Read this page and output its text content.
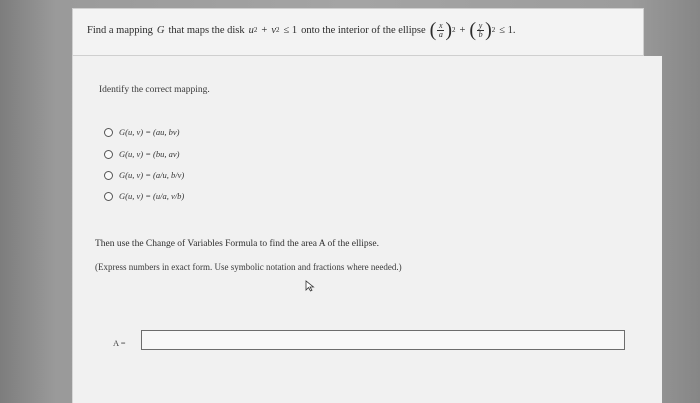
Find a mapping G that maps the disk u 2 + v 2 ≤ 1 onto the interior of the ellipse ( $\frac{x}{a}$ ) 2 + ( $\frac{y}{b}$ ) 2 ≤ 1.
Identify the correct mapping.
G(u, v) = (au, bv)
G(u, v) = (bu, av)
G(u, v) = (a/u, b/v)
G(u, v) = (u/a, v/b)
Then use the Change of Variables Formula to find the area A of the ellipse.
(Express numbers in exact form. Use symbolic notation and fractions where needed.)
A =
